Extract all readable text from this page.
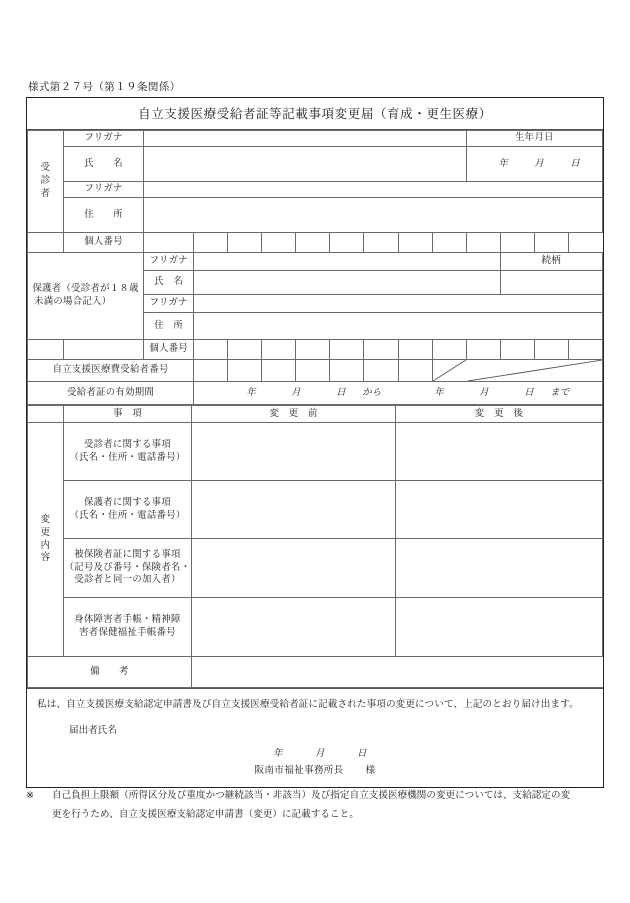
様式第２７号（第１９条関係）
自立支援医療受給者証等記載事項変更届（育成・更生医療）
受
診
者	フリガナ										生年月日			
	氏　　名										年 月 日			
	フリガナ													
	住　　所													
	個人番号													
保護者（受診者が１８歳
未満の場合記入）		フリガナ										続柄		
		氏　名												
		フリガナ												
		住　所												
		個人番号												
自立支援医療費受給者番号								

受給者証の有効期間			年 月 日 から 年 月 日 まで											
	事　項	変　更　前	変　更　後

変
更
内
容	受診者に関する事項
（氏名・住所・電話番号）		
	保護者に関する事項
（氏名・住所・電話番号）		
	被保険者証に関する事項
（記号及び番号・保険者名・
受診者と同一の加入者）		
	身体障害者手帳・精神障
害者保健福祉手帳番号		
備　　考			
私は、自立支援医療支給認定申請書及び自立支援医療受給者証に記載された事項の変更について、上記のとおり届け出ます。
届出者氏名
年	月	日
阪南市福祉事務所長 様
※	自己負担上限額（所得区分及び重度かつ継続該当・非該当）及び指定自立支援医療機関の変更については、支給認定の変
更を行うため、自立支援医療支給認定申請書（変更）に記載すること。
